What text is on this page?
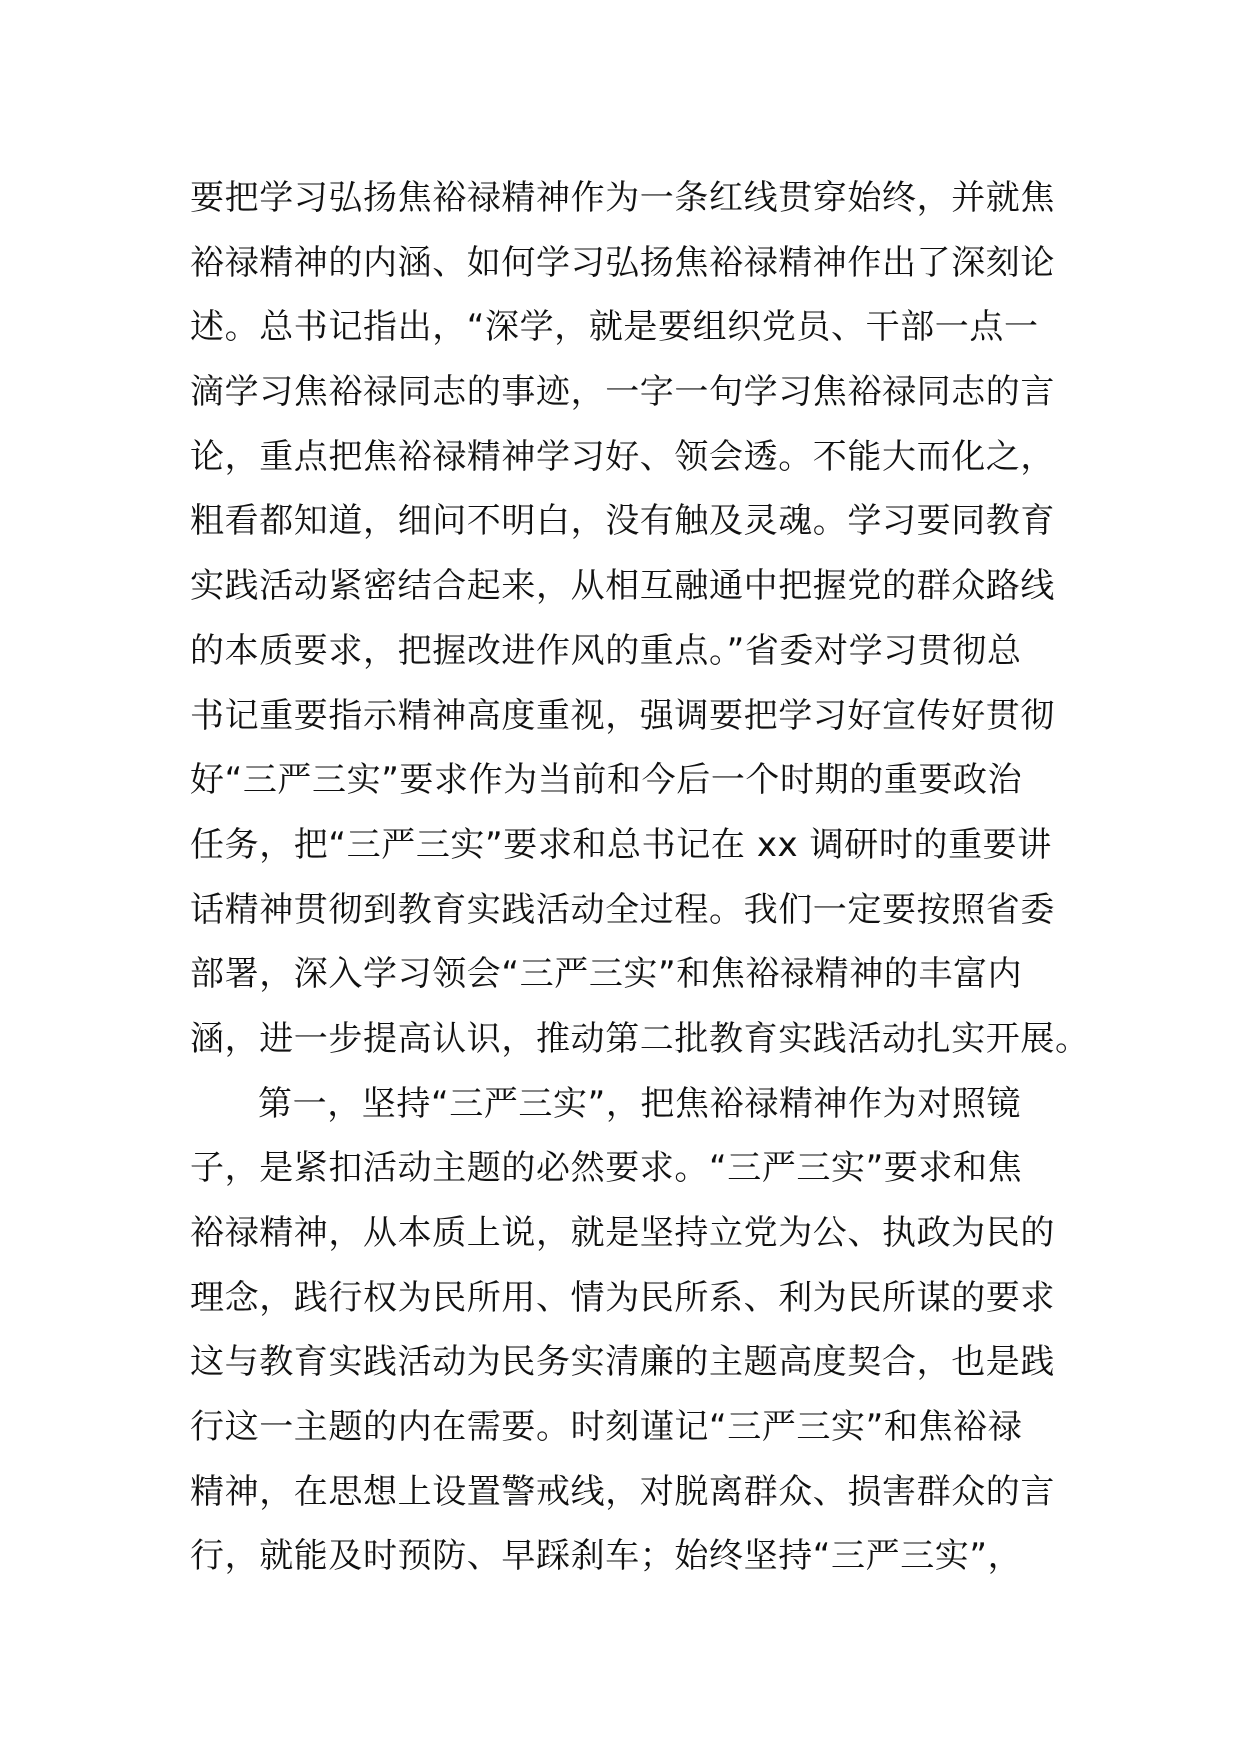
要把学习弘扬焦裕禄精神作为一条红线贯穿始终，并就焦
裕禄精神的内涵、如何学习弘扬焦裕禄精神作出了深刻论
述。总书记指出，“深学，就是要组织党员、干部一点一
滴学习焦裕禄同志的事迹，一字一句学习焦裕禄同志的言
论，重点把焦裕禄精神学习好、领会透。不能大而化之，
粗看都知道，细问不明白，没有触及灵魂。学习要同教育
实践活动紧密结合起来，从相互融通中把握党的群众路线
的本质要求，把握改进作风的重点。”省委对学习贯彻总
书记重要指示精神高度重视，强调要把学习好宣传好贯彻
好“三严三实”要求作为当前和今后一个时期的重要政治
任务，把“三严三实”要求和总书记在 xx 调研时的重要讲
话精神贯彻到教育实践活动全过程。我们一定要按照省委
部署，深入学习领会“三严三实”和焦裕禄精神的丰富内
涵，进一步提高认识，推动第二批教育实践活动扎实开展。
第一，坚持“三严三实”，把焦裕禄精神作为对照镜
子，是紧扣活动主题的必然要求。“三严三实”要求和焦
裕禄精神，从本质上说，就是坚持立党为公、执政为民的
理念，践行权为民所用、情为民所系、利为民所谋的要求
这与教育实践活动为民务实清廉的主题高度契合，也是践
行这一主题的内在需要。时刻谨记“三严三实”和焦裕禄
精神，在思想上设置警戒线，对脱离群众、损害群众的言
行，就能及时预防、早踩刹车；始终坚持“三严三实”，
